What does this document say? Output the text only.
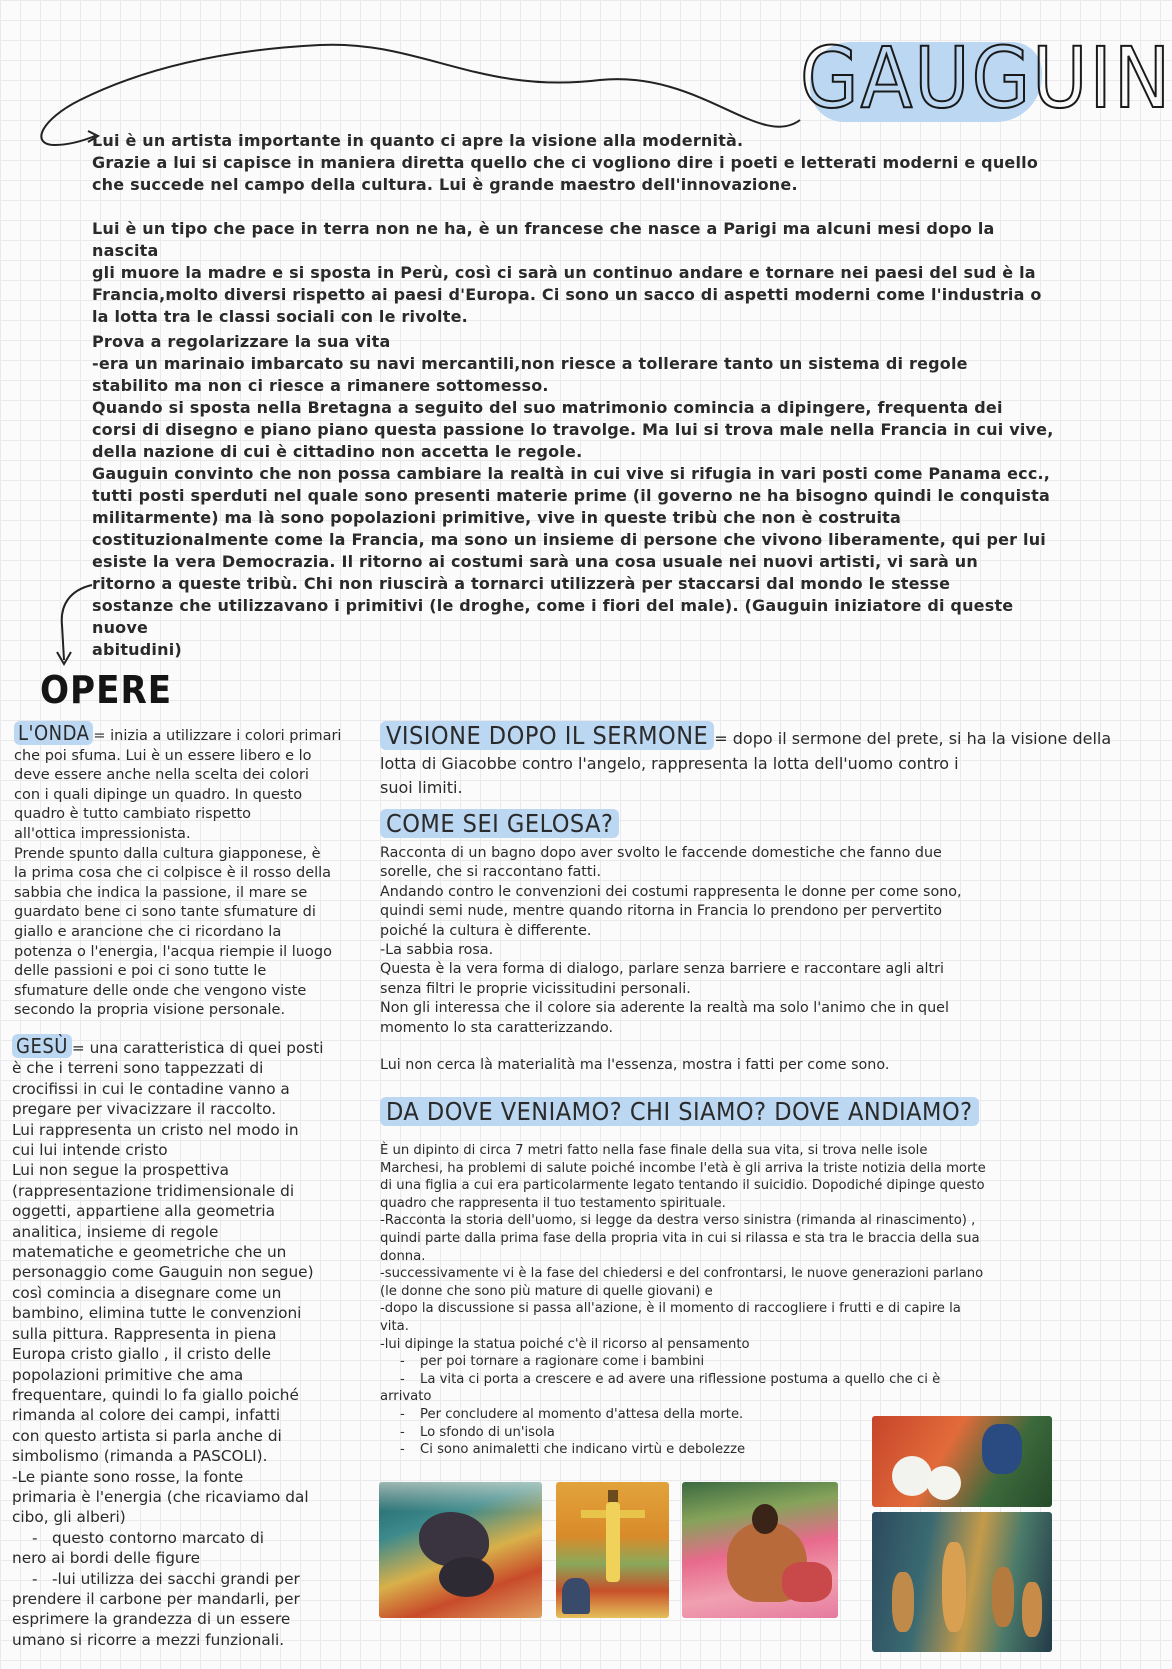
GAUGUIN

Lui è un artista importante in quanto ci apre la visione alla modernità.

Grazie a lui si capisce in maniera diretta quello che ci vogliono dire i poeti e letterati moderni e quello

che succede nel campo della cultura. Lui è grande maestro dell'innovazione.

Lui è un tipo che pace in terra non ne ha, è un francese che nasce a Parigi ma alcuni mesi dopo la nascita

gli muore la madre e si sposta in Perù, così ci sarà un continuo andare e tornare nei paesi del sud è la

Francia,molto diversi rispetto ai paesi d'Europa. Ci sono un sacco di aspetti moderni come l'industria o

la lotta tra le classi sociali con le rivolte.

Prova a regolarizzare la sua vita

-era un marinaio imbarcato su navi mercantili,non riesce a tollerare tanto un sistema di regole

stabilito ma non ci riesce a rimanere sottomesso.

Quando si sposta nella Bretagna a seguito del suo matrimonio comincia a dipingere, frequenta dei

corsi di disegno e piano piano questa passione lo travolge. Ma lui si trova male nella Francia in cui vive,

della nazione di cui è cittadino non accetta le regole.

Gauguin convinto che non possa cambiare la realtà in cui vive si rifugia in vari posti come Panama ecc.,

tutti posti sperduti nel quale sono presenti materie prime (il governo ne ha bisogno quindi le conquista

militarmente) ma là sono popolazioni primitive, vive in queste tribù che non è costruita

costituzionalmente come la Francia, ma sono un insieme di persone che vivono liberamente, qui per lui

esiste la vera Democrazia. Il ritorno ai costumi sarà una cosa usuale nei nuovi artisti, vi sarà un

ritorno a queste tribù. Chi non riuscirà a tornarci utilizzerà per staccarsi dal mondo le stesse

sostanze che utilizzavano i primitivi (le droghe, come i fiori del male). (Gauguin iniziatore di queste nuove

abitudini)

OPERE

L'ONDA = inizia a utilizzare i colori primari

che poi sfuma. Lui è un essere libero e lo

deve essere anche nella scelta dei colori

con i quali dipinge un quadro. In questo

quadro è tutto cambiato rispetto

all'ottica impressionista.

Prende spunto dalla cultura giapponese, è

la prima cosa che ci colpisce è il rosso della

sabbia che indica la passione, il mare se

guardato bene ci sono tante sfumature di

giallo e arancione che ci ricordano la

potenza o l'energia, l'acqua riempie il luogo

delle passioni e poi ci sono tutte le

sfumature delle onde che vengono viste

secondo la propria visione personale.

GESÙ = una caratteristica di quei posti

è che i terreni sono tappezzati di

crocifissi in cui le contadine vanno a

pregare per vivacizzare il raccolto.

Lui rappresenta un cristo nel modo in

cui lui intende cristo

Lui non segue la prospettiva

(rappresentazione tridimensionale di

oggetti, appartiene alla geometria

analitica, insieme di regole

matematiche e geometriche che un

personaggio come Gauguin non segue)

così comincia a disegnare come un

bambino, elimina tutte le convenzioni

sulla pittura. Rappresenta in piena

Europa cristo giallo , il cristo delle

popolazioni primitive che ama

frequentare, quindi lo fa giallo poiché

rimanda al colore dei campi, infatti

con questo artista si parla anche di

simbolismo (rimanda a PASCOLI).

-Le piante sono rosse, la fonte

primaria è l'energia (che ricaviamo dal

cibo, gli alberi)

- questo contorno marcato di

nero ai bordi delle figure

- -lui utilizza dei sacchi grandi per

prendere il carbone per mandarli, per

esprimere la grandezza di un essere

umano si ricorre a mezzi funzionali.

VISIONE DOPO IL SERMONE = dopo il sermone del prete, si ha la visione della

lotta di Giacobbe contro l'angelo, rappresenta la lotta dell'uomo contro i

suoi limiti.

COME SEI GELOSA?

Racconta di un bagno dopo aver svolto le faccende domestiche che fanno due

sorelle, che si raccontano fatti.

Andando contro le convenzioni dei costumi rappresenta le donne per come sono,

quindi semi nude, mentre quando ritorna in Francia lo prendono per pervertito

poiché la cultura è differente.

-La sabbia rosa.

Questa è la vera forma di dialogo, parlare senza barriere e raccontare agli altri

senza filtri le proprie vicissitudini personali.

Non gli interessa che il colore sia aderente la realtà ma solo l'animo che in quel

momento lo sta caratterizzando.

Lui non cerca là materialità ma l'essenza, mostra i fatti per come sono.

DA DOVE VENIAMO? CHI SIAMO? DOVE ANDIAMO?

È un dipinto di circa 7 metri fatto nella fase finale della sua vita, si trova nelle isole

Marchesi, ha problemi di salute poiché incombe l'età è gli arriva la triste notizia della morte

di una figlia a cui era particolarmente legato tentando il suicidio. Dopodiché dipinge questo

quadro che rappresenta il tuo testamento spirituale.

-Racconta la storia dell'uomo, si legge da destra verso sinistra (rimanda al rinascimento) ,

quindi parte dalla prima fase della propria vita in cui si rilassa e sta tra le braccia della sua

donna.

-successivamente vi è la fase del chiedersi e del confrontarsi, le nuove generazioni parlano

(le donne che sono più mature di quelle giovani) e

-dopo la discussione si passa all'azione, è il momento di raccogliere i frutti e di capire la

vita.

-lui dipinge la statua poiché c'è il ricorso al pensamento

- per poi tornare a ragionare come i bambini

- La vita ci porta a crescere e ad avere una riflessione postuma a quello che ci è

arrivato

- Per concludere al momento d'attesa della morte.

- Lo sfondo di un'isola

- Ci sono animaletti che indicano virtù e debolezze
